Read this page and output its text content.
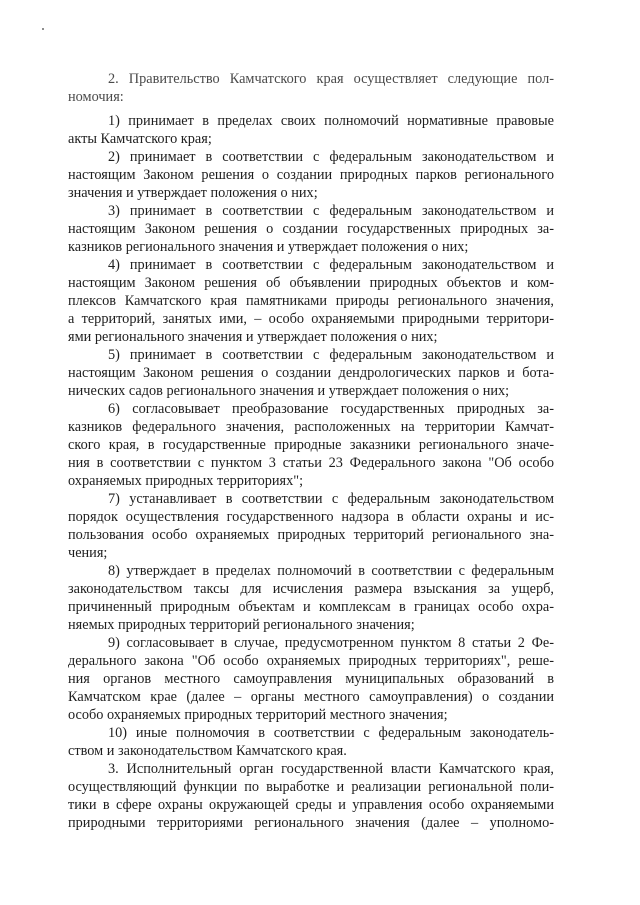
2. Правительство Камчатского края осуществляет следующие пол-
номочия:
1) принимает в пределах своих полномочий нормативные правовые
акты Камчатского края;
2) принимает в соответствии с федеральным законодательством и
настоящим Законом решения о создании природных парков регионального
значения и утверждает положения о них;
3) принимает в соответствии с федеральным законодательством и
настоящим Законом решения о создании государственных природных за-
казников регионального значения и утверждает положения о них;
4) принимает в соответствии с федеральным законодательством и
настоящим Законом решения об объявлении природных объектов и ком-
плексов Камчатского края памятниками природы регионального значения,
а территорий, занятых ими, – особо охраняемыми природными территори-
ями регионального значения и утверждает положения о них;
5) принимает в соответствии с федеральным законодательством и
настоящим Законом решения о создании дендрологических парков и бота-
нических садов регионального значения и утверждает положения о них;
6) согласовывает преобразование государственных природных за-
казников федерального значения, расположенных на территории Камчат-
ского края, в государственные природные заказники регионального значе-
ния в соответствии с пунктом 3 статьи 23 Федерального закона "Об особо
охраняемых природных территориях";
7) устанавливает в соответствии с федеральным законодательством
порядок осуществления государственного надзора в области охраны и ис-
пользования особо охраняемых природных территорий регионального зна-
чения;
8) утверждает в пределах полномочий в соответствии с федеральным
законодательством таксы для исчисления размера взыскания за ущерб,
причиненный природным объектам и комплексам в границах особо охра-
няемых природных территорий регионального значения;
9) согласовывает в случае, предусмотренном пунктом 8 статьи 2 Фе-
дерального закона "Об особо охраняемых природных территориях", реше-
ния органов местного самоуправления муниципальных образований в
Камчатском крае (далее – органы местного самоуправления) о создании
особо охраняемых природных территорий местного значения;
10) иные полномочия в соответствии с федеральным законодатель-
ством и законодательством Камчатского края.
3. Исполнительный орган государственной власти Камчатского края,
осуществляющий функции по выработке и реализации региональной поли-
тики в сфере охраны окружающей среды и управления особо охраняемыми
природными территориями регионального значения (далее – уполномо-
